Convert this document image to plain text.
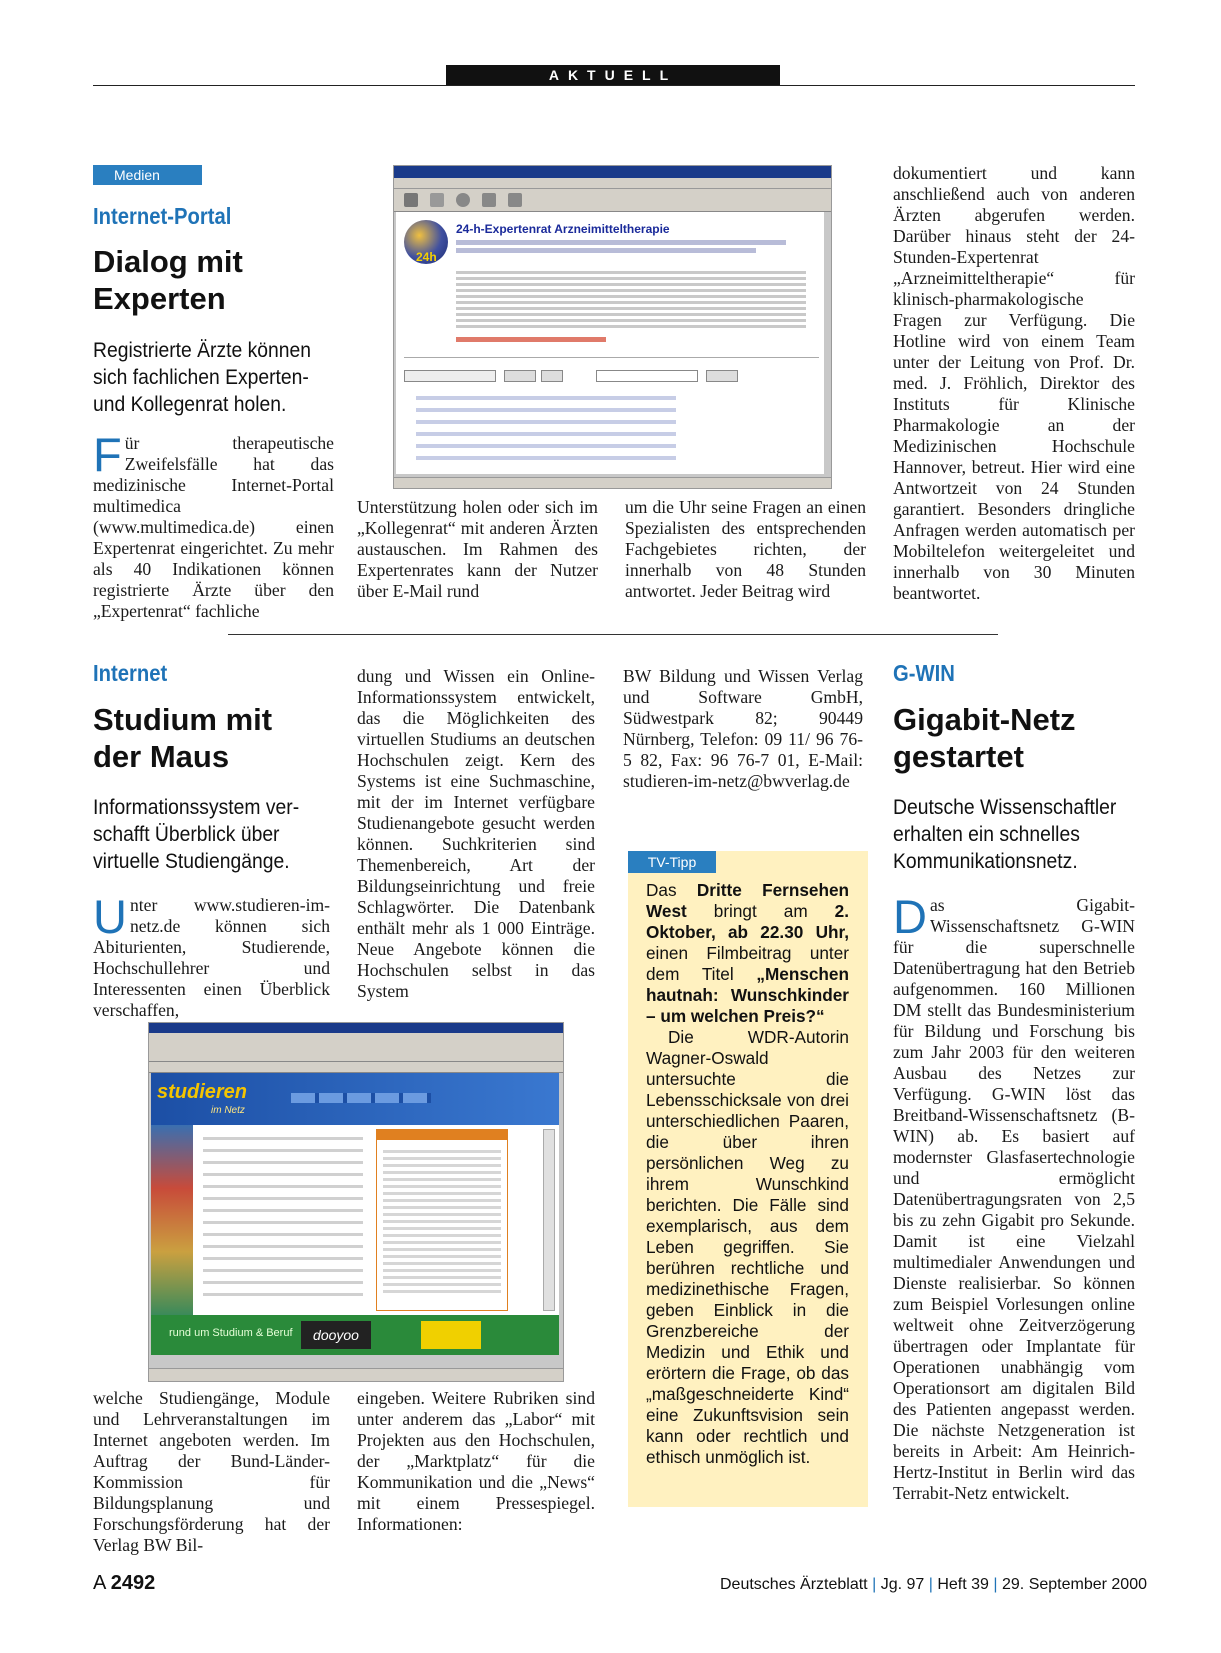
AKTUELL
Medien
Internet-Portal
Dialog mit
Experten
Registrierte Ärzte können
sich fachlichen Experten-
und Kollegenrat holen.
Für therapeutische Zweifelsfälle hat das medizinische Internet-Portal multimedica (www.multimedica.de) einen Expertenrat eingerichtet. Zu mehr als 40 Indikationen können registrierte Ärzte über den „Expertenrat“ fachliche
24h
24-h-Expertenrat Arzneimitteltherapie
Unterstützung holen oder sich im „Kollegenrat“ mit anderen Ärzten austauschen. Im Rahmen des Expertenrates kann der Nutzer über E-Mail rund
um die Uhr seine Fragen an einen Spezialisten des entsprechenden Fachgebietes richten, der innerhalb von 48 Stunden antwortet. Jeder Beitrag wird
dokumentiert und kann anschließend auch von anderen Ärzten abgerufen werden. Darüber hinaus steht der 24-Stunden-Expertenrat „Arzneimitteltherapie“ für klinisch-pharmakologische Fragen zur Verfügung. Die Hotline wird von einem Team unter der Leitung von Prof. Dr. med. J. Fröhlich, Direktor des Instituts für Klinische Pharmakologie an der Medizinischen Hochschule Hannover, betreut. Hier wird eine Antwortzeit von 24 Stunden garantiert. Besonders dringliche Anfragen werden automatisch per Mobiltelefon weitergeleitet und innerhalb von 30 Minuten beantwortet.
Internet
Studium mit
der Maus
Informationssystem ver-
schafft Überblick über
virtuelle Studiengänge.
Unter www.studieren-im-netz.de können sich Abiturienten, Studierende, Hochschullehrer und Interessenten einen Überblick verschaffen,
dung und Wissen ein Online-Informationssystem entwickelt, das die Möglichkeiten des virtuellen Studiums an deutschen Hochschulen zeigt. Kern des Systems ist eine Suchmaschine, mit der im Internet verfügbare Studienangebote gesucht werden können. Suchkriterien sind Themenbereich, Art der Bildungseinrichtung und freie Schlagwörter. Die Datenbank enthält mehr als 1 000 Einträge. Neue Angebote können die Hochschulen selbst in das System
BW Bildung und Wissen Verlag und Software GmbH, Südwestpark 82; 90449 Nürnberg, Telefon: 09 11/ 96 76-5 82, Fax: 96 76-7 01, E-Mail: studieren-im-netz@bwverlag.de
studieren
im Netz
rund um Studium & Beruf	dooyoo
welche Studiengänge, Module und Lehrveranstaltungen im Internet angeboten werden. Im Auftrag der Bund-Länder-Kommission für Bildungsplanung und Forschungsförderung hat der Verlag BW Bil-
eingeben. Weitere Rubriken sind unter anderem das „Labor“ mit Projekten aus den Hochschulen, der „Marktplatz“ für die Kommunikation und die „News“ mit einem Pressespiegel. Informationen:
TV-Tipp
Das Dritte Fernsehen West bringt am 2. Oktober, ab 22.30 Uhr, einen Filmbeitrag unter dem Titel „Menschen hautnah: Wunschkinder – um welchen Preis?“
Die WDR-Autorin Wagner-Oswald untersuchte die Lebensschicksale von drei unterschiedlichen Paaren, die über ihren persönlichen Weg zu ihrem Wunschkind berichten. Die Fälle sind exemplarisch, aus dem Leben gegriffen. Sie berühren rechtliche und medizinethische Fragen, geben Einblick in die Grenzbereiche der Medizin und Ethik und erörtern die Frage, ob das „maßgeschneiderte Kind“ eine Zukunftsvision sein kann oder rechtlich und ethisch unmöglich ist.
G-WIN
Gigabit-Netz
gestartet
Deutsche Wissenschaftler
erhalten ein schnelles
Kommunikationsnetz.
Das Gigabit-Wissenschaftsnetz G-WIN für die superschnelle Datenübertragung hat den Betrieb aufgenommen. 160 Millionen DM stellt das Bundesministerium für Bildung und Forschung bis zum Jahr 2003 für den weiteren Ausbau des Netzes zur Verfügung. G-WIN löst das Breitband-Wissenschaftsnetz (B-WIN) ab. Es basiert auf modernster Glasfasertechnologie und ermöglicht Datenübertragungsraten von 2,5 bis zu zehn Gigabit pro Sekunde. Damit ist eine Vielzahl multimedialer Anwendungen und Dienste realisierbar. So können zum Beispiel Vorlesungen online weltweit ohne Zeitverzögerung übertragen oder Implantate für Operationen unabhängig vom Operationsort am digitalen Bild des Patienten angepasst werden. Die nächste Netzgeneration ist bereits in Arbeit: Am Heinrich-Hertz-Institut in Berlin wird das Terrabit-Netz entwickelt.
A 2492	Deutsches Ärzteblatt | Jg. 97 | Heft 39 | 29. September 2000
